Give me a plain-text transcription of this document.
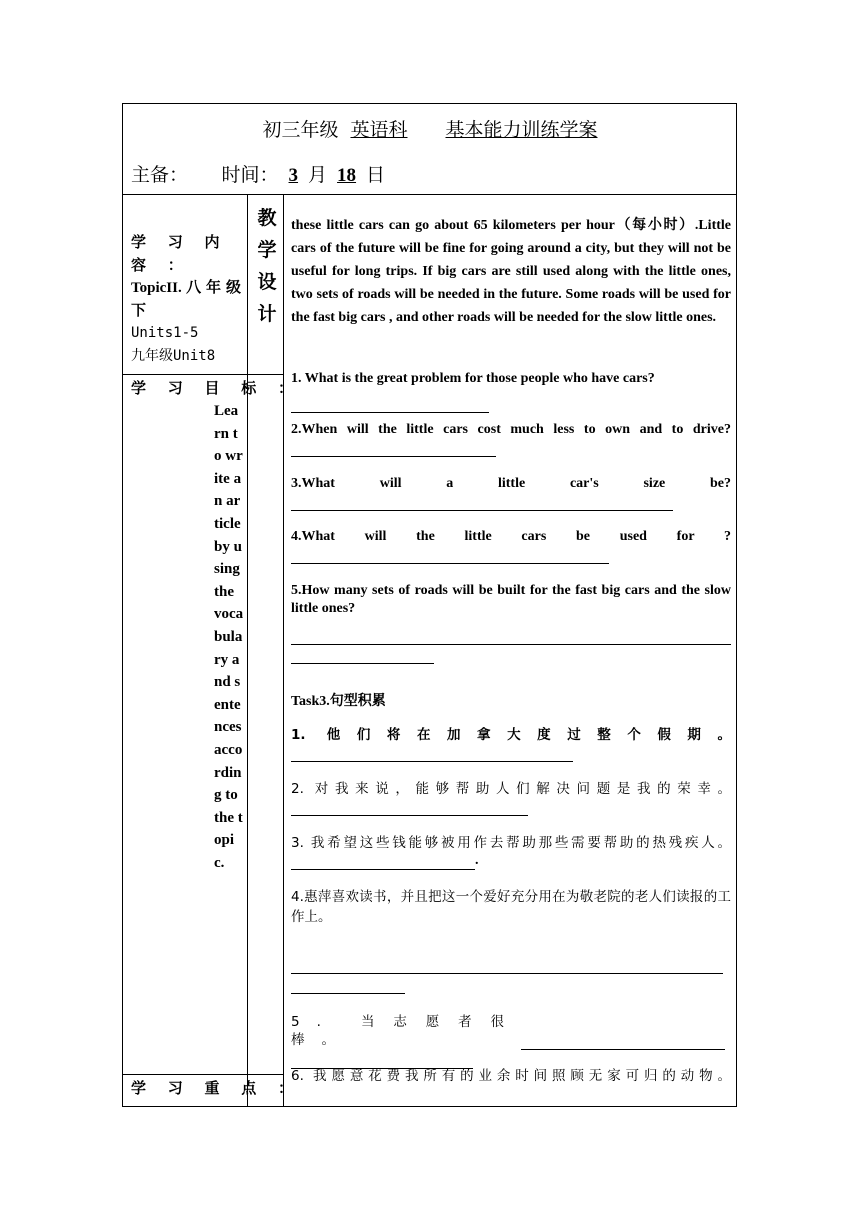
初三年级 英语科 基本能力训练学案
主备： 时间： 3 月 18 日
学 习 内 容 ：
TopicII. 八 年 级 下
Units1-5
九年级Unit8
学 习 目 标 ：
Learn to write an article by using the vocabulary and sentences according to the topic.
学 习 重 点 ：
教
学
设
计
these little cars can go about 65 kilometers per hour（每小时）.Little cars of the future will be fine for going around a city, but they will not be useful for long trips. If big cars are still used along with the little ones, two sets of roads will be needed in the future. Some roads will be used for the fast big cars , and other roads will be needed for the slow little ones.
1. What is the great problem for those people who have cars?
2.When will the little cars cost much less to own and to drive?
3.What will a little car's size be?
4.What will the little cars be used for ?
5.How many sets of roads will be built for the fast big cars and the slow little ones?

Task3.句型积累
1. 他们将在加拿大度过整个假期。
2. 对我来说，能够帮助人们解决问题是我的荣幸。
3. 我希望这些钱能够被用作去帮助那些需要帮助的热残疾人。
.
4.惠萍喜欢读书，并且把这一个爱好充分用在为敬老院的老人们读报的工作上。

5. 当志愿者很棒。
6. 我愿意花费我所有的业余时间照顾无家可归的动物。
